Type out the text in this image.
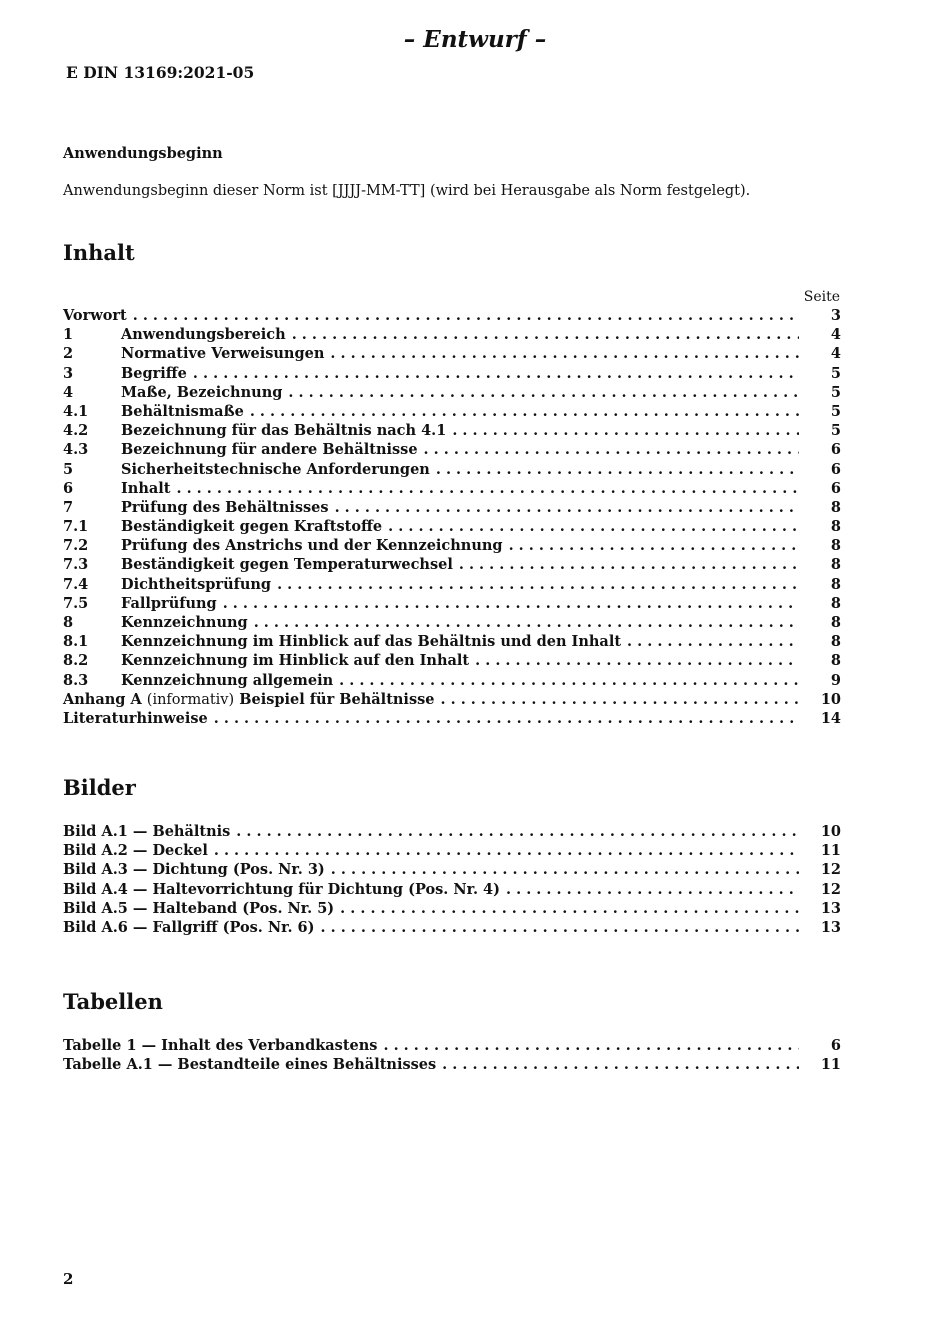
– Entwurf –
E DIN 13169:2021-05
Anwendungsbeginn
Anwendungsbeginn dieser Norm ist [JJJJ-MM-TT] (wird bei Herausgabe als Norm festgelegt).
Inhalt
Seite
Vorwort . . .	3
1	Anwendungsbereich . . .	4
2	Normative Verweisungen . . .	4
3	Begriffe . . .	5
4	Maße, Bezeichnung . . .	5
4.1	Behältnismaße . . .	5
4.2	Bezeichnung für das Behältnis nach 4.1 . . .	5
4.3	Bezeichnung für andere Behältnisse . . .	6
5	Sicherheitstechnische Anforderungen . . .	6
6	Inhalt . . .	6
7	Prüfung des Behältnisses . . .	8
7.1	Beständigkeit gegen Kraftstoffe . . .	8
7.2	Prüfung des Anstrichs und der Kennzeichnung . . .	8
7.3	Beständigkeit gegen Temperaturwechsel . . .	8
7.4	Dichtheitsprüfung . . .	8
7.5	Fallprüfung . . .	8
8	Kennzeichnung . . .	8
8.1	Kennzeichnung im Hinblick auf das Behältnis und den Inhalt . . .	8
8.2	Kennzeichnung im Hinblick auf den Inhalt . . .	8
8.3	Kennzeichnung allgemein . . .	9
Anhang A (informativ) Beispiel für Behältnisse . . .	10
Literaturhinweise . . .	14
Bilder
Bild A.1 — Behältnis . . .	10
Bild A.2 — Deckel . . .	11
Bild A.3 — Dichtung (Pos. Nr. 3) . . .	12
Bild A.4 — Haltevorrichtung für Dichtung (Pos. Nr. 4) . . .	12
Bild A.5 — Halteband (Pos. Nr. 5) . . .	13
Bild A.6 — Fallgriff (Pos. Nr. 6) . . .	13
Tabellen
Tabelle 1 — Inhalt des Verbandkastens . . .	6
Tabelle A.1 — Bestandteile eines Behältnisses . . .	11
2
